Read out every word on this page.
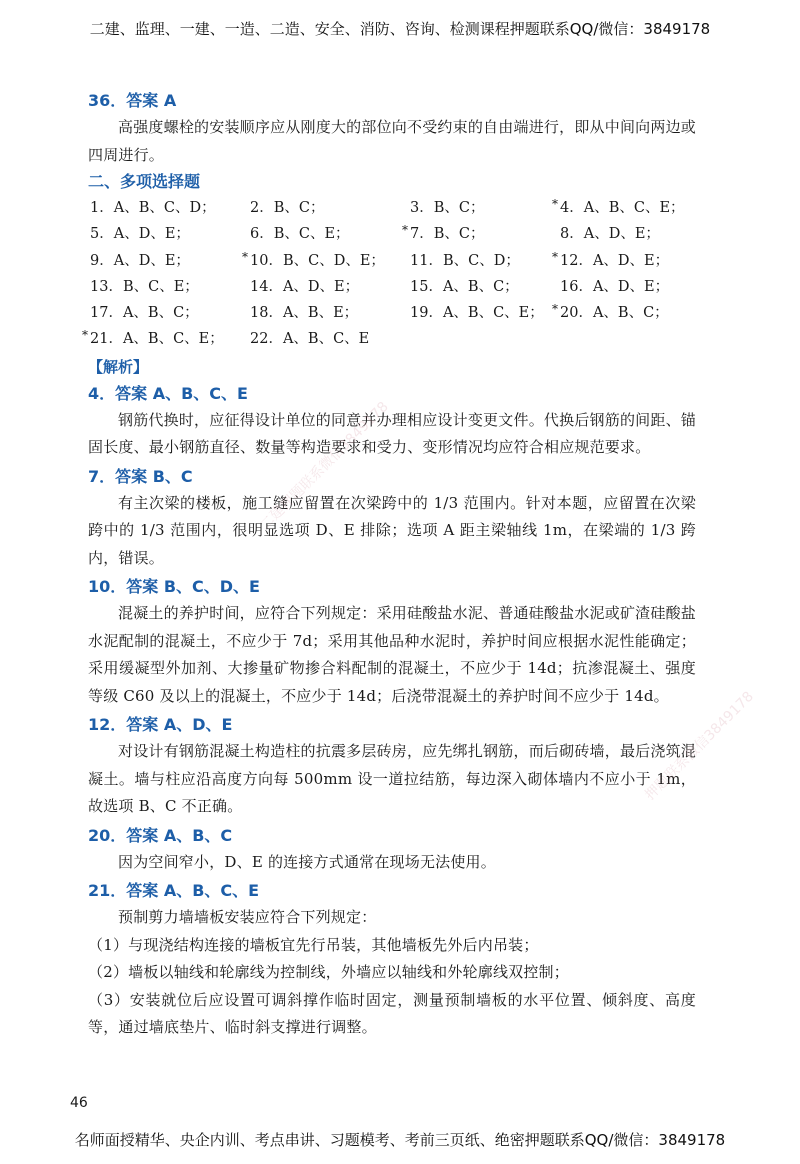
二建、监理、一建、一造、二造、安全、消防、咨询、检测课程押题联系QQ/微信：3849178
36．答案 A

高强度螺栓的安装顺序应从刚度大的部位向不受约束的自由端进行，即从中间向两边或四周进行。

二、多项选择题
1．A、B、C、D；	2．B、C；	3．B、C；	* 4．A、B、C、E；
5．A、D、E；	6．B、C、E；	* 7．B、C；	8．A、D、E；
9．A、D、E；	* 10．B、C、D、E；	11．B、C、D；	* 12．A、D、E；
13．B、C、E；	14．A、D、E；	15．A、B、C；	16．A、D、E；
17．A、B、C；	18．A、B、E；	19．A、B、C、E； * 20．A、B、C；
* 21．A、B、C、E；	22．A、B、C、E
【解析】
4．答案 A、B、C、E

钢筋代换时，应征得设计单位的同意并办理相应设计变更文件。代换后钢筋的间距、锚固长度、最小钢筋直径、数量等构造要求和受力、变形情况均应符合相应规范要求。

7．答案 B、C

有主次梁的楼板，施工缝应留置在次梁跨中的 1/3 范围内。针对本题，应留置在次梁跨中的 1/3 范围内，很明显选项 D、E 排除；选项 A 距主梁轴线 1m，在梁端的 1/3 跨内，错误。

10．答案 B、C、D、E

混凝土的养护时间，应符合下列规定：采用硅酸盐水泥、普通硅酸盐水泥或矿渣硅酸盐水泥配制的混凝土，不应少于 7d；采用其他品种水泥时，养护时间应根据水泥性能确定；采用缓凝型外加剂、大掺量矿物掺合料配制的混凝土，不应少于 14d；抗渗混凝土、强度等级 C60 及以上的混凝土，不应少于 14d；后浇带混凝土的养护时间不应少于 14d。

12．答案 A、D、E

对设计有钢筋混凝土构造柱的抗震多层砖房，应先绑扎钢筋，而后砌砖墙，最后浇筑混凝土。墙与柱应沿高度方向每 500mm 设一道拉结筋，每边深入砌体墙内不应小于 1m，故选项 B、C 不正确。

20．答案 A、B、C

因为空间窄小，D、E 的连接方式通常在现场无法使用。

21．答案 A、B、C、E

预制剪力墙墙板安装应符合下列规定：

（1）与现浇结构连接的墙板宜先行吊装，其他墙板先外后内吊装；

（2）墙板以轴线和轮廓线为控制线，外墙应以轴线和外轮廓线双控制；

（3）安装就位后应设置可调斜撑作临时固定，测量预制墙板的水平位置、倾斜度、高度等，通过墙底垫片、临时斜支撑进行调整。

二建押题联系微信3849178
押题联系微信3849178
46
名师面授精华、央企内训、考点串讲、习题模考、考前三页纸、绝密押题联系QQ/微信：3849178
